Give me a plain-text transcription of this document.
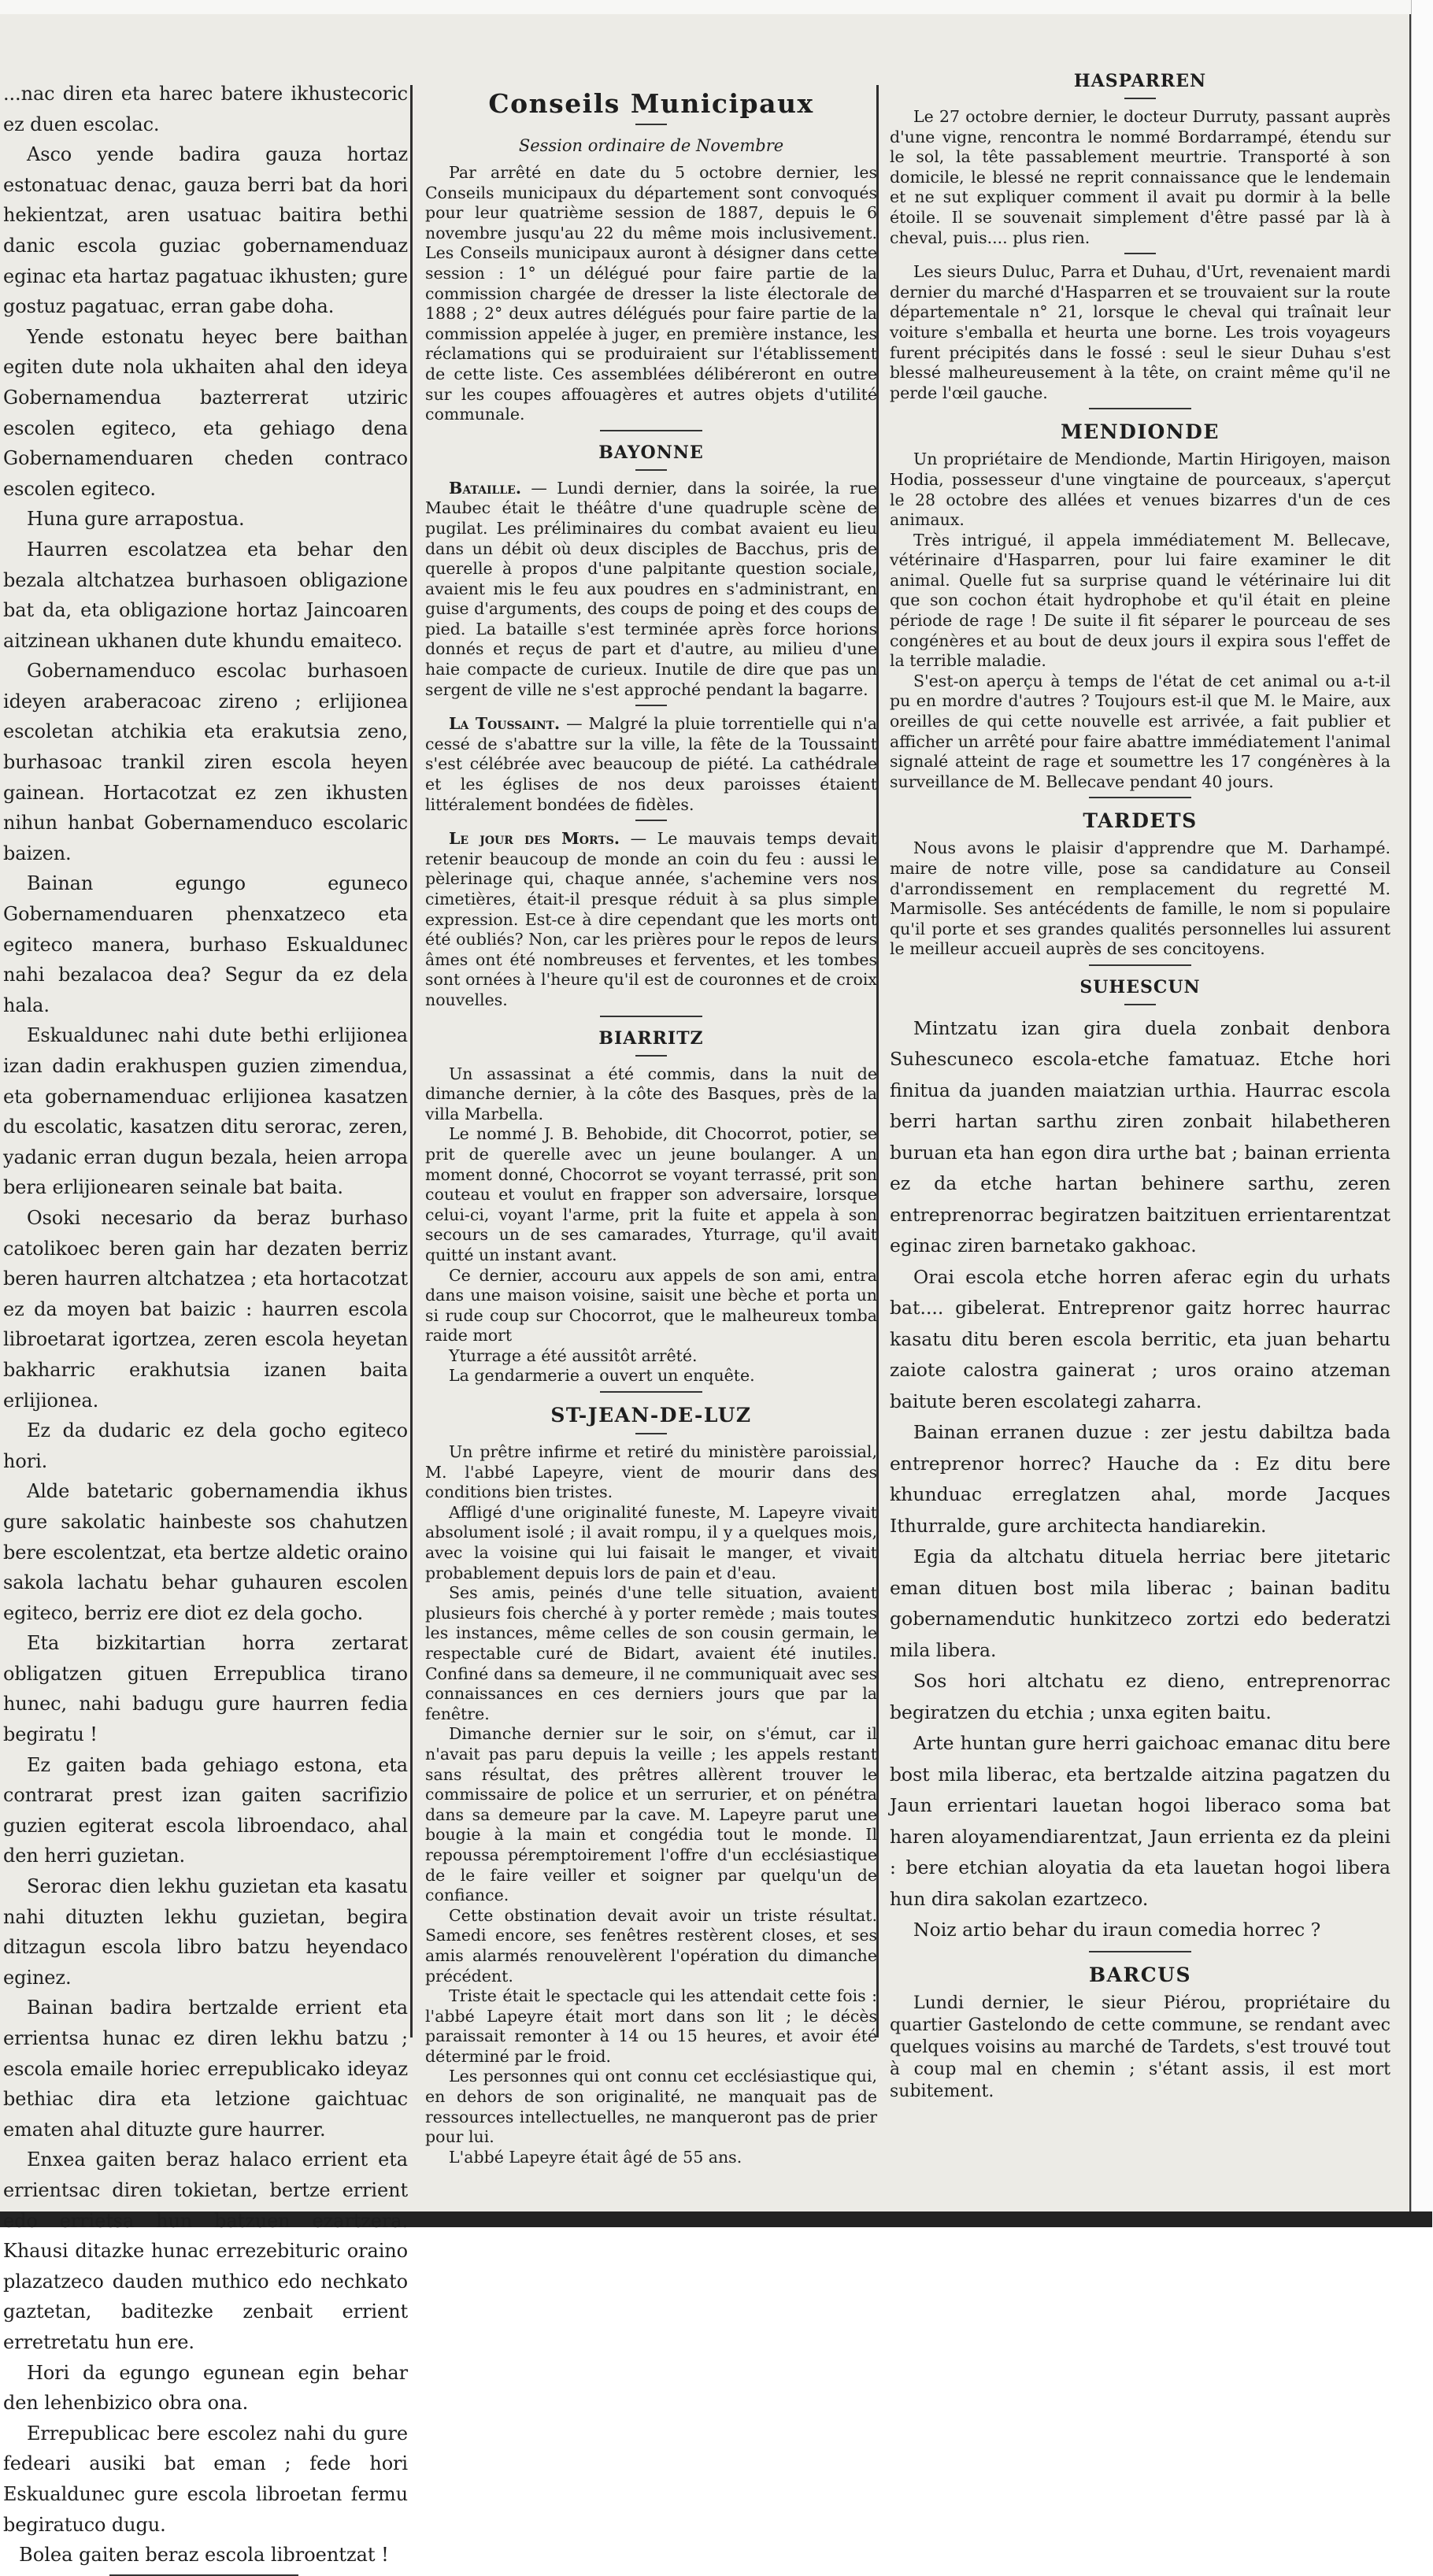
...nac diren eta harec batere ikhustecoric ez duen escolac.

Asco yende badira gauza hortaz estonatuac denac, gauza berri bat da hori hekientzat, aren usatuac baitira bethi danic escola guziac gobernamenduaz eginac eta hartaz pagatuac ikhusten; gure gostuz pagatuac, erran gabe doha.

Yende estonatu heyec bere baithan egiten dute nola ukhaiten ahal den ideya Gobernamendua bazterrerat utziric escolen egiteco, eta gehiago dena Gobernamenduaren cheden contraco escolen egiteco.

Huna gure arrapostua.

Haurren escolatzea eta behar den bezala altchatzea burhasoen obligazione bat da, eta obligazione hortaz Jaincoaren aitzinean ukhanen dute khundu emaiteco.

Gobernamenduco escolac burhasoen ideyen araberacoac zireno ; erlijionea escoletan atchikia eta erakutsia zeno, burhasoac trankil ziren escola heyen gainean. Hortacotzat ez zen ikhusten nihun hanbat Gobernamenduco escolaric baizen.

Bainan egungo eguneco Gobernamenduaren phenxatzeco eta egiteco manera, burhaso Eskualdunec nahi bezalacoa dea? Segur da ez dela hala.

Eskualdunec nahi dute bethi erlijionea izan dadin erakhuspen guzien zimendua, eta gobernamenduac erlijionea kasatzen du escolatic, kasatzen ditu serorac, zeren, yadanic erran dugun bezala, heien arropa bera erlijionearen seinale bat baita.

Osoki necesario da beraz burhaso catolikoec beren gain har dezaten berriz beren haurren altchatzea ; eta hortacotzat ez da moyen bat baizic : haurren escola libroetarat igortzea, zeren escola heyetan bakharric erakhutsia izanen baita erlijionea.

Ez da dudaric ez dela gocho egiteco hori.

Alde batetaric gobernamendia ikhus gure sakolatic hainbeste sos chahutzen bere escolentzat, eta bertze aldetic oraino sakola lachatu behar guhauren escolen egiteco, berriz ere diot ez dela gocho.

Eta bizkitartian horra zertarat obligatzen gituen Errepublica tirano hunec, nahi badugu gure haurren fedia begiratu !

Ez gaiten bada gehiago estona, eta contrarat prest izan gaiten sacrifizio guzien egiterat escola libroendaco, ahal den herri guzietan.

Serorac dien lekhu guzietan eta kasatu nahi dituzten lekhu guzietan, begira ditzagun escola libro batzu heyendaco eginez.

Bainan badira bertzalde errient eta errientsa hunac ez diren lekhu batzu ; escola emaile horiec errepublicako ideyaz bethiac dira eta letzione gaichtuac ematen ahal dituzte gure haurrer.

Enxea gaiten beraz halaco errient eta errientsac diren tokietan, bertze errient edo errietsa hun batzuen ezartzera. Khausi ditazke hunac errezebituric oraino plazatzeco dauden muthico edo nechkato gaztetan, baditezke zenbait errient erretretatu hun ere.

Hori da egungo egunean egin behar den lehenbizico obra ona.

Errepublicac bere escolez nahi du gure fedeari ausiki bat eman ; fede hori Eskualdunec gure escola libroetan fermu begiratuco dugu.

Bolea gaiten beraz escola libroentzat !

Conseils Municipaux
Session ordinaire de Novembre

Par arrêté en date du 5 octobre dernier, les Conseils municipaux du département sont convoqués pour leur quatrième session de 1887, depuis le 6 novembre jusqu'au 22 du même mois inclusivement. Les Conseils municipaux auront à désigner dans cette session : 1° un délégué pour faire partie de la commission chargée de dresser la liste électorale de 1888 ; 2° deux autres délégués pour faire partie de la commission appelée à juger, en première instance, les réclamations qui se produiraient sur l'établissement de cette liste. Ces assemblées délibéreront en outre sur les coupes affouagères et autres objets d'utilité communale.

BAYONNE

Bataille. — Lundi dernier, dans la soirée, la rue Maubec était le théâtre d'une quadruple scène de pugilat. Les préliminaires du combat avaient eu lieu dans un débit où deux disciples de Bacchus, pris de querelle à propos d'une palpitante question sociale, avaient mis le feu aux poudres en s'administrant, en guise d'arguments, des coups de poing et des coups de pied. La bataille s'est terminée après force horions donnés et reçus de part et d'autre, au milieu d'une haie compacte de curieux. Inutile de dire que pas un sergent de ville ne s'est approché pendant la bagarre.

La Toussaint. — Malgré la pluie torrentielle qui n'a cessé de s'abattre sur la ville, la fête de la Toussaint s'est célébrée avec beaucoup de piété. La cathédrale et les églises de nos deux paroisses étaient littéralement bondées de fidèles.

Le jour des Morts. — Le mauvais temps devait retenir beaucoup de monde an coin du feu : aussi le pèlerinage qui, chaque année, s'achemine vers nos cimetières, était-il presque réduit à sa plus simple expression. Est-ce à dire cependant que les morts ont été oubliés? Non, car les prières pour le repos de leurs âmes ont été nombreuses et ferventes, et les tombes sont ornées à l'heure qu'il est de couronnes et de croix nouvelles.

BIARRITZ

Un assassinat a été commis, dans la nuit de dimanche dernier, à la côte des Basques, près de la villa Marbella.

Le nommé J. B. Behobide, dit Chocorrot, potier, se prit de querelle avec un jeune boulanger. A un moment donné, Chocorrot se voyant terrassé, prit son couteau et voulut en frapper son adversaire, lorsque celui-ci, voyant l'arme, prit la fuite et appela à son secours un de ses camarades, Yturrage, qu'il avait quitté un instant avant.

Ce dernier, accouru aux appels de son ami, entra dans une maison voisine, saisit une bèche et porta un si rude coup sur Chocorrot, que le malheureux tomba raide mort

Yturrage a été aussitôt arrêté.

La gendarmerie a ouvert un enquête.

ST-JEAN-DE-LUZ

Un prêtre infirme et retiré du ministère paroissial, M. l'abbé Lapeyre, vient de mourir dans des conditions bien tristes.

Affligé d'une originalité funeste, M. Lapeyre vivait absolument isolé ; il avait rompu, il y a quelques mois, avec la voisine qui lui faisait le manger, et vivait probablement depuis lors de pain et d'eau.

Ses amis, peinés d'une telle situation, avaient plusieurs fois cherché à y porter remède ; mais toutes les instances, même celles de son cousin germain, le respectable curé de Bidart, avaient été inutiles. Confiné dans sa demeure, il ne communiquait avec ses connaissances en ces derniers jours que par la fenêtre.

Dimanche dernier sur le soir, on s'émut, car il n'avait pas paru depuis la veille ; les appels restant sans résultat, des prêtres allèrent trouver le commissaire de police et un serrurier, et on pénétra dans sa demeure par la cave. M. Lapeyre parut une bougie à la main et congédia tout le monde. Il repoussa péremptoirement l'offre d'un ecclésiastique de le faire veiller et soigner par quelqu'un de confiance.

Cette obstination devait avoir un triste résultat. Samedi encore, ses fenêtres restèrent closes, et ses amis alarmés renouvelèrent l'opération du dimanche précédent.

Triste était le spectacle qui les attendait cette fois : l'abbé Lapeyre était mort dans son lit ; le décès paraissait remonter à 14 ou 15 heures, et avoir été déterminé par le froid.

Les personnes qui ont connu cet ecclésiastique qui, en dehors de son originalité, ne manquait pas de ressources intellectuelles, ne manqueront pas de prier pour lui.

L'abbé Lapeyre était âgé de 55 ans.

HASPARREN

Le 27 octobre dernier, le docteur Durruty, passant auprès d'une vigne, rencontra le nommé Bordarrampé, étendu sur le sol, la tête passablement meurtrie. Transporté à son domicile, le blessé ne reprit connaissance que le lendemain et ne sut expliquer comment il avait pu dormir à la belle étoile. Il se souvenait simplement d'être passé par là à cheval, puis.... plus rien.

Les sieurs Duluc, Parra et Duhau, d'Urt, revenaient mardi dernier du marché d'Hasparren et se trouvaient sur la route départementale n° 21, lorsque le cheval qui traînait leur voiture s'emballa et heurta une borne. Les trois voyageurs furent précipités dans le fossé : seul le sieur Duhau s'est blessé malheureusement à la tête, on craint même qu'il ne perde l'œil gauche.

MENDIONDE

Un propriétaire de Mendionde, Martin Hirigoyen, maison Hodia, possesseur d'une vingtaine de pourceaux, s'aperçut le 28 octobre des allées et venues bizarres d'un de ces animaux.

Très intrigué, il appela immédiatement M. Bellecave, vétérinaire d'Hasparren, pour lui faire examiner le dit animal. Quelle fut sa surprise quand le vétérinaire lui dit que son cochon était hydrophobe et qu'il était en pleine période de rage ! De suite il fit séparer le pourceau de ses congénères et au bout de deux jours il expira sous l'effet de la terrible maladie.

S'est-on aperçu à temps de l'état de cet animal ou a-t-il pu en mordre d'autres ? Toujours est-il que M. le Maire, aux oreilles de qui cette nouvelle est arrivée, a fait publier et afficher un arrêté pour faire abattre immédiatement l'animal signalé atteint de rage et soumettre les 17 congénères à la surveillance de M. Bellecave pendant 40 jours.

TARDETS

Nous avons le plaisir d'apprendre que M. Darhampé. maire de notre ville, pose sa candidature au Conseil d'arrondissement en remplacement du regretté M. Marmisolle. Ses antécédents de famille, le nom si populaire qu'il porte et ses grandes qualités personnelles lui assurent le meilleur accueil auprès de ses concitoyens.

SUHESCUN

Mintzatu izan gira duela zonbait denbora Suhescuneco escola-etche famatuaz. Etche hori finitua da juanden maiatzian urthia. Haurrac escola berri hartan sarthu ziren zonbait hilabetheren buruan eta han egon dira urthe bat ; bainan errienta ez da etche hartan behinere sarthu, zeren entreprenorrac begiratzen baitzituen errientarentzat eginac ziren barnetako gakhoac.

Orai escola etche horren aferac egin du urhats bat.... gibelerat. Entreprenor gaitz horrec haurrac kasatu ditu beren escola berritic, eta juan behartu zaiote calostra gainerat ; uros oraino atzeman baitute beren escolategi zaharra.

Bainan erranen duzue : zer jestu dabiltza bada entreprenor horrec? Hauche da : Ez ditu bere khunduac erreglatzen ahal, morde Jacques Ithurralde, gure architecta handiarekin.

Egia da altchatu dituela herriac bere jitetaric eman dituen bost mila liberac ; bainan baditu gobernamendutic hunkitzeco zortzi edo bederatzi mila libera.

Sos hori altchatu ez dieno, entreprenorrac begiratzen du etchia ; unxa egiten baitu.

Arte huntan gure herri gaichoac emanac ditu bere bost mila liberac, eta bertzalde aitzina pagatzen du Jaun errientari lauetan hogoi liberaco soma bat haren aloyamendiarentzat, Jaun errienta ez da pleini : bere etchian aloyatia da eta lauetan hogoi libera hun dira sakolan ezartzeco.

Noiz artio behar du iraun comedia horrec ?

BARCUS

Lundi dernier, le sieur Piérou, propriétaire du quartier Gastelondo de cette commune, se rendant avec quelques voisins au marché de Tardets, s'est trouvé tout à coup mal en chemin ; s'étant assis, il est mort subitement.
